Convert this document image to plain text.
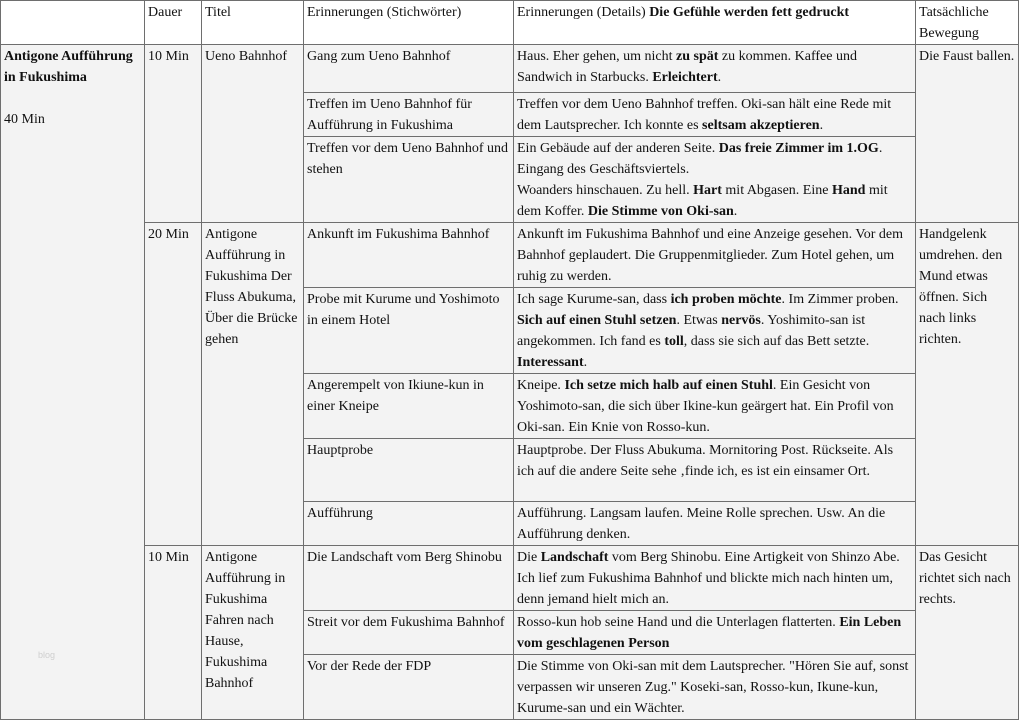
	Dauer	Titel	Erinnerungen (Stichwörter)	Erinnerungen (Details) Die Gefühle werden fett gedruckt	Tatsächliche Bewegung
Antigone Aufführung in Fukushima
40 Min	10 Min	Ueno Bahnhof	Gang zum Ueno Bahnhof	Haus. Eher gehen, um nicht zu spät zu kommen. Kaffee und Sandwich in Starbucks. Erleichtert.	Die Faust ballen.
			Treffen im Ueno Bahnhof für Aufführung in Fukushima	Treffen vor dem Ueno Bahnhof treffen. Oki-san hält eine Rede mit dem Lautsprecher. Ich konnte es seltsam akzeptieren.	
			Treffen vor dem Ueno Bahnhof und stehen	Ein Gebäude auf der anderen Seite. Das freie Zimmer im 1.OG. Eingang des Geschäftsviertels.
Woanders hinschauen. Zu hell. Hart mit Abgasen. Eine Hand mit dem Koffer. Die Stimme von Oki-san.	
	20 Min	Antigone Aufführung in Fukushima Der Fluss Abukuma, Über die Brücke gehen	Ankunft im Fukushima Bahnhof	Ankunft im Fukushima Bahnhof und eine Anzeige gesehen. Vor dem Bahnhof geplaudert. Die Gruppenmitglieder. Zum Hotel gehen, um ruhig zu werden.	Handgelenk umdrehen. den Mund etwas öffnen. Sich nach links richten.
			Probe mit Kurume und Yoshimoto in einem Hotel	Ich sage Kurume-san, dass ich proben möchte. Im Zimmer proben. Sich auf einen Stuhl setzen. Etwas nervös. Yoshimito-san ist angekommen. Ich fand es toll, dass sie sich auf das Bett setzte. Interessant.	
			Angerempelt von Ikiune-kun in einer Kneipe	Kneipe. Ich setze mich halb auf einen Stuhl. Ein Gesicht von Yoshimoto-san, die sich über Ikine-kun geärgert hat. Ein Profil von Oki-san. Ein Knie von Rosso-kun.	
			Hauptprobe	Hauptprobe. Der Fluss Abukuma. Mornitoring Post. Rückseite. Als ich auf die andere Seite sehe ‚finde ich, es ist ein einsamer Ort.	
			Aufführung	Aufführung. Langsam laufen. Meine Rolle sprechen. Usw. An die Aufführung denken.	
	10 Min	Antigone Aufführung in Fukushima Fahren nach Hause, Fukushima Bahnhof	Die Landschaft vom Berg Shinobu	Die Landschaft vom Berg Shinobu. Eine Artigkeit von Shinzo Abe. Ich lief zum Fukushima Bahnhof und blickte mich nach hinten um, denn jemand hielt mich an.	Das Gesicht richtet sich nach rechts.
			Streit vor dem Fukushima Bahnhof	Rosso-kun hob seine Hand und die Unterlagen flatterten. Ein Leben vom geschlagenen Person	
			Vor der Rede der FDP	Die Stimme von Oki-san mit dem Lautsprecher. "Hören Sie auf, sonst verpassen wir unseren Zug." Koseki-san, Rosso-kun, Ikune-kun, Kurume-san und ein Wächter.	
blog
